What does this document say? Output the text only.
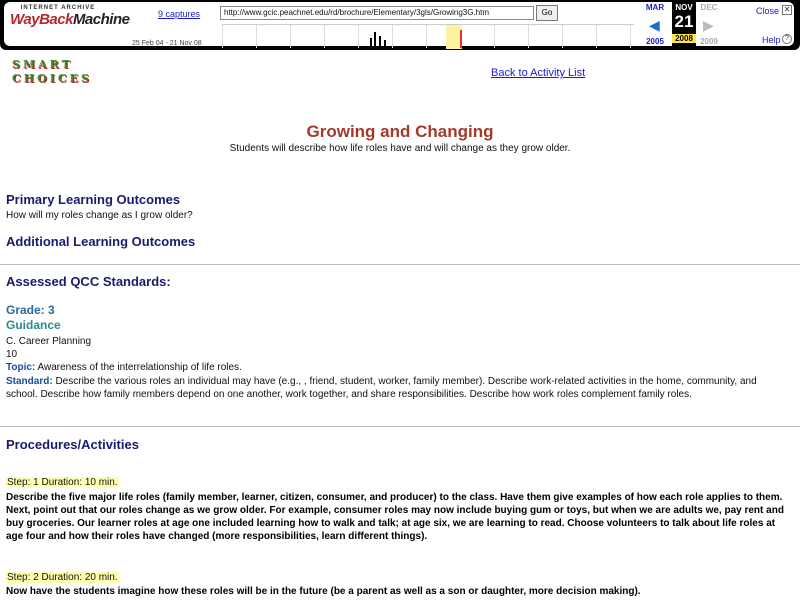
INTERNET ARCHIVE
WayBackMachine	9 captures
25 Feb 04 - 21 Nov 08
http://www.gcic.peachnet.edu/rd/brochure/Elementary/3gls/Growing3G.htm	Go
MAR
◀
2005
NOV
21
2008
DEC
▶
2009
Close ✕
Help ?
SMART
CHOICES	Back to Activity List
Growing and Changing
Students will describe how life roles have and will change as they grow older.
Primary Learning Outcomes
How will my roles change as I grow older?
Additional Learning Outcomes
Assessed QCC Standards:
Grade: 3
Guidance
C. Career Planning
10
Topic: Awareness of the interrelationship of life roles.
Standard: Describe the various roles an individual may have (e.g., , friend, student, worker, family member). Describe work-related activities in the home, community, and school. Describe how family members depend on one another, work together, and share responsibilities. Describe how work roles complement family roles.
Procedures/Activities
Step: 1 Duration: 10 min.
Describe the five major life roles (family member, learner, citizen, consumer, and producer) to the class. Have them give examples of how each role applies to them. Next, point out that our roles change as we grow older. For example, consumer roles may now include buying gum or toys, but when we are adults we, pay rent and buy groceries. Our learner roles at age one included learning how to walk and talk; at age six, we are learning to read. Choose volunteers to talk about life roles at age four and how their roles have changed (more responsibilities, learn different things).
Step: 2 Duration: 20 min.
Now have the students imagine how these roles will be in the future (be a parent as well as a son or daughter, more decision making).
